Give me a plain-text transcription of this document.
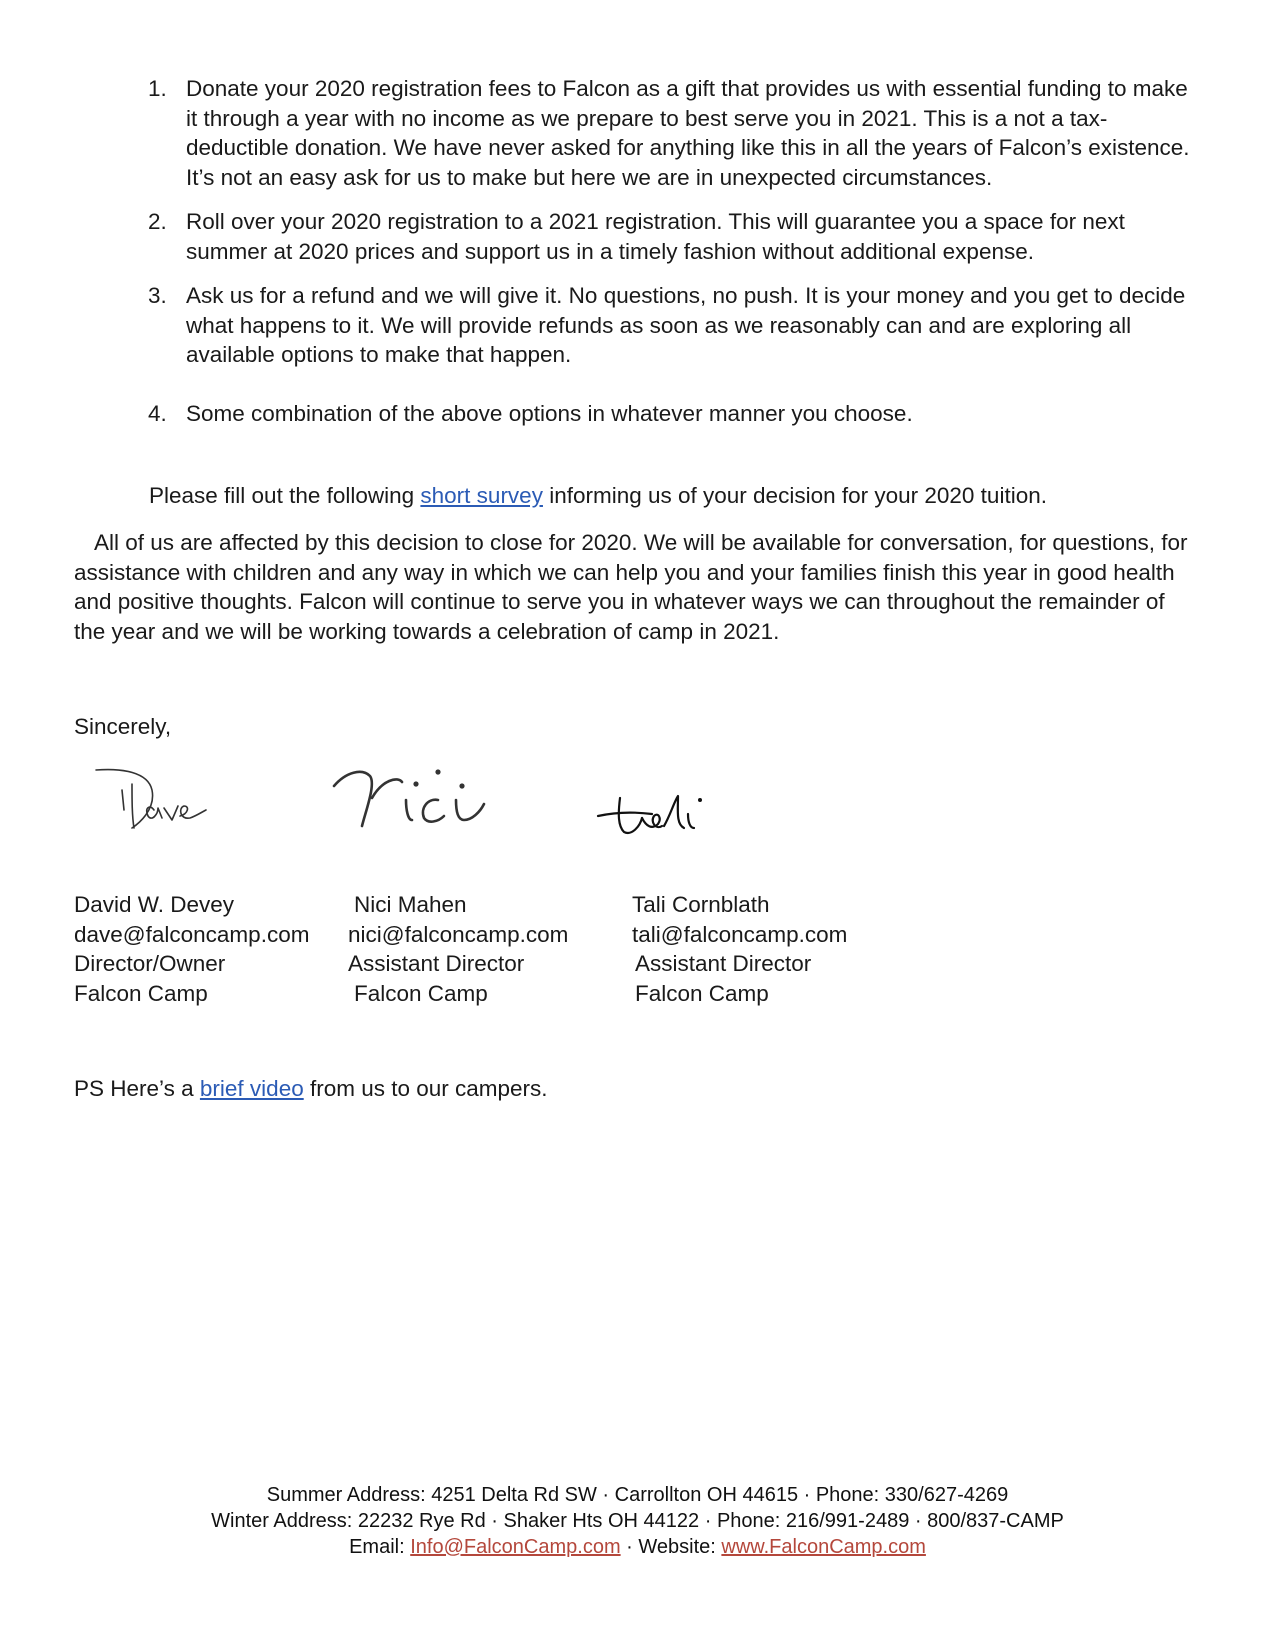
1. Donate your 2020 registration fees to Falcon as a gift that provides us with essential funding to make it through a year with no income as we prepare to best serve you in 2021. This is a not a tax-deductible donation. We have never asked for anything like this in all the years of Falcon’s existence. It’s not an easy ask for us to make but here we are in unexpected circumstances.
2. Roll over your 2020 registration to a 2021 registration. This will guarantee you a space for next summer at 2020 prices and support us in a timely fashion without additional expense.
3. Ask us for a refund and we will give it. No questions, no push. It is your money and you get to decide what happens to it. We will provide refunds as soon as we reasonably can and are exploring all available options to make that happen.
4. Some combination of the above options in whatever manner you choose.

Please fill out the following short survey informing us of your decision for your 2020 tuition.

All of us are affected by this decision to close for 2020. We will be available for conversation, for questions, for assistance with children and any way in which we can help you and your families finish this year in good health and positive thoughts. Falcon will continue to serve you in whatever ways we can throughout the remainder of the year and we will be working towards a celebration of camp in 2021.

Sincerely,

David W. Devey
dave@falconcamp.com
Director/Owner
Falcon Camp
Nici Mahen
nici@falconcamp.com
Assistant Director
Falcon Camp
Tali Cornblath
tali@falconcamp.com
Assistant Director
Falcon Camp

PS Here’s a brief video from us to our campers.

Summer Address: 4251 Delta Rd SW · Carrollton OH 44615 · Phone: 330/627-4269
Winter Address: 22232 Rye Rd · Shaker Hts OH 44122 · Phone: 216/991-2489 · 800/837-CAMP
Email: Info@FalconCamp.com · Website: www.FalconCamp.com
